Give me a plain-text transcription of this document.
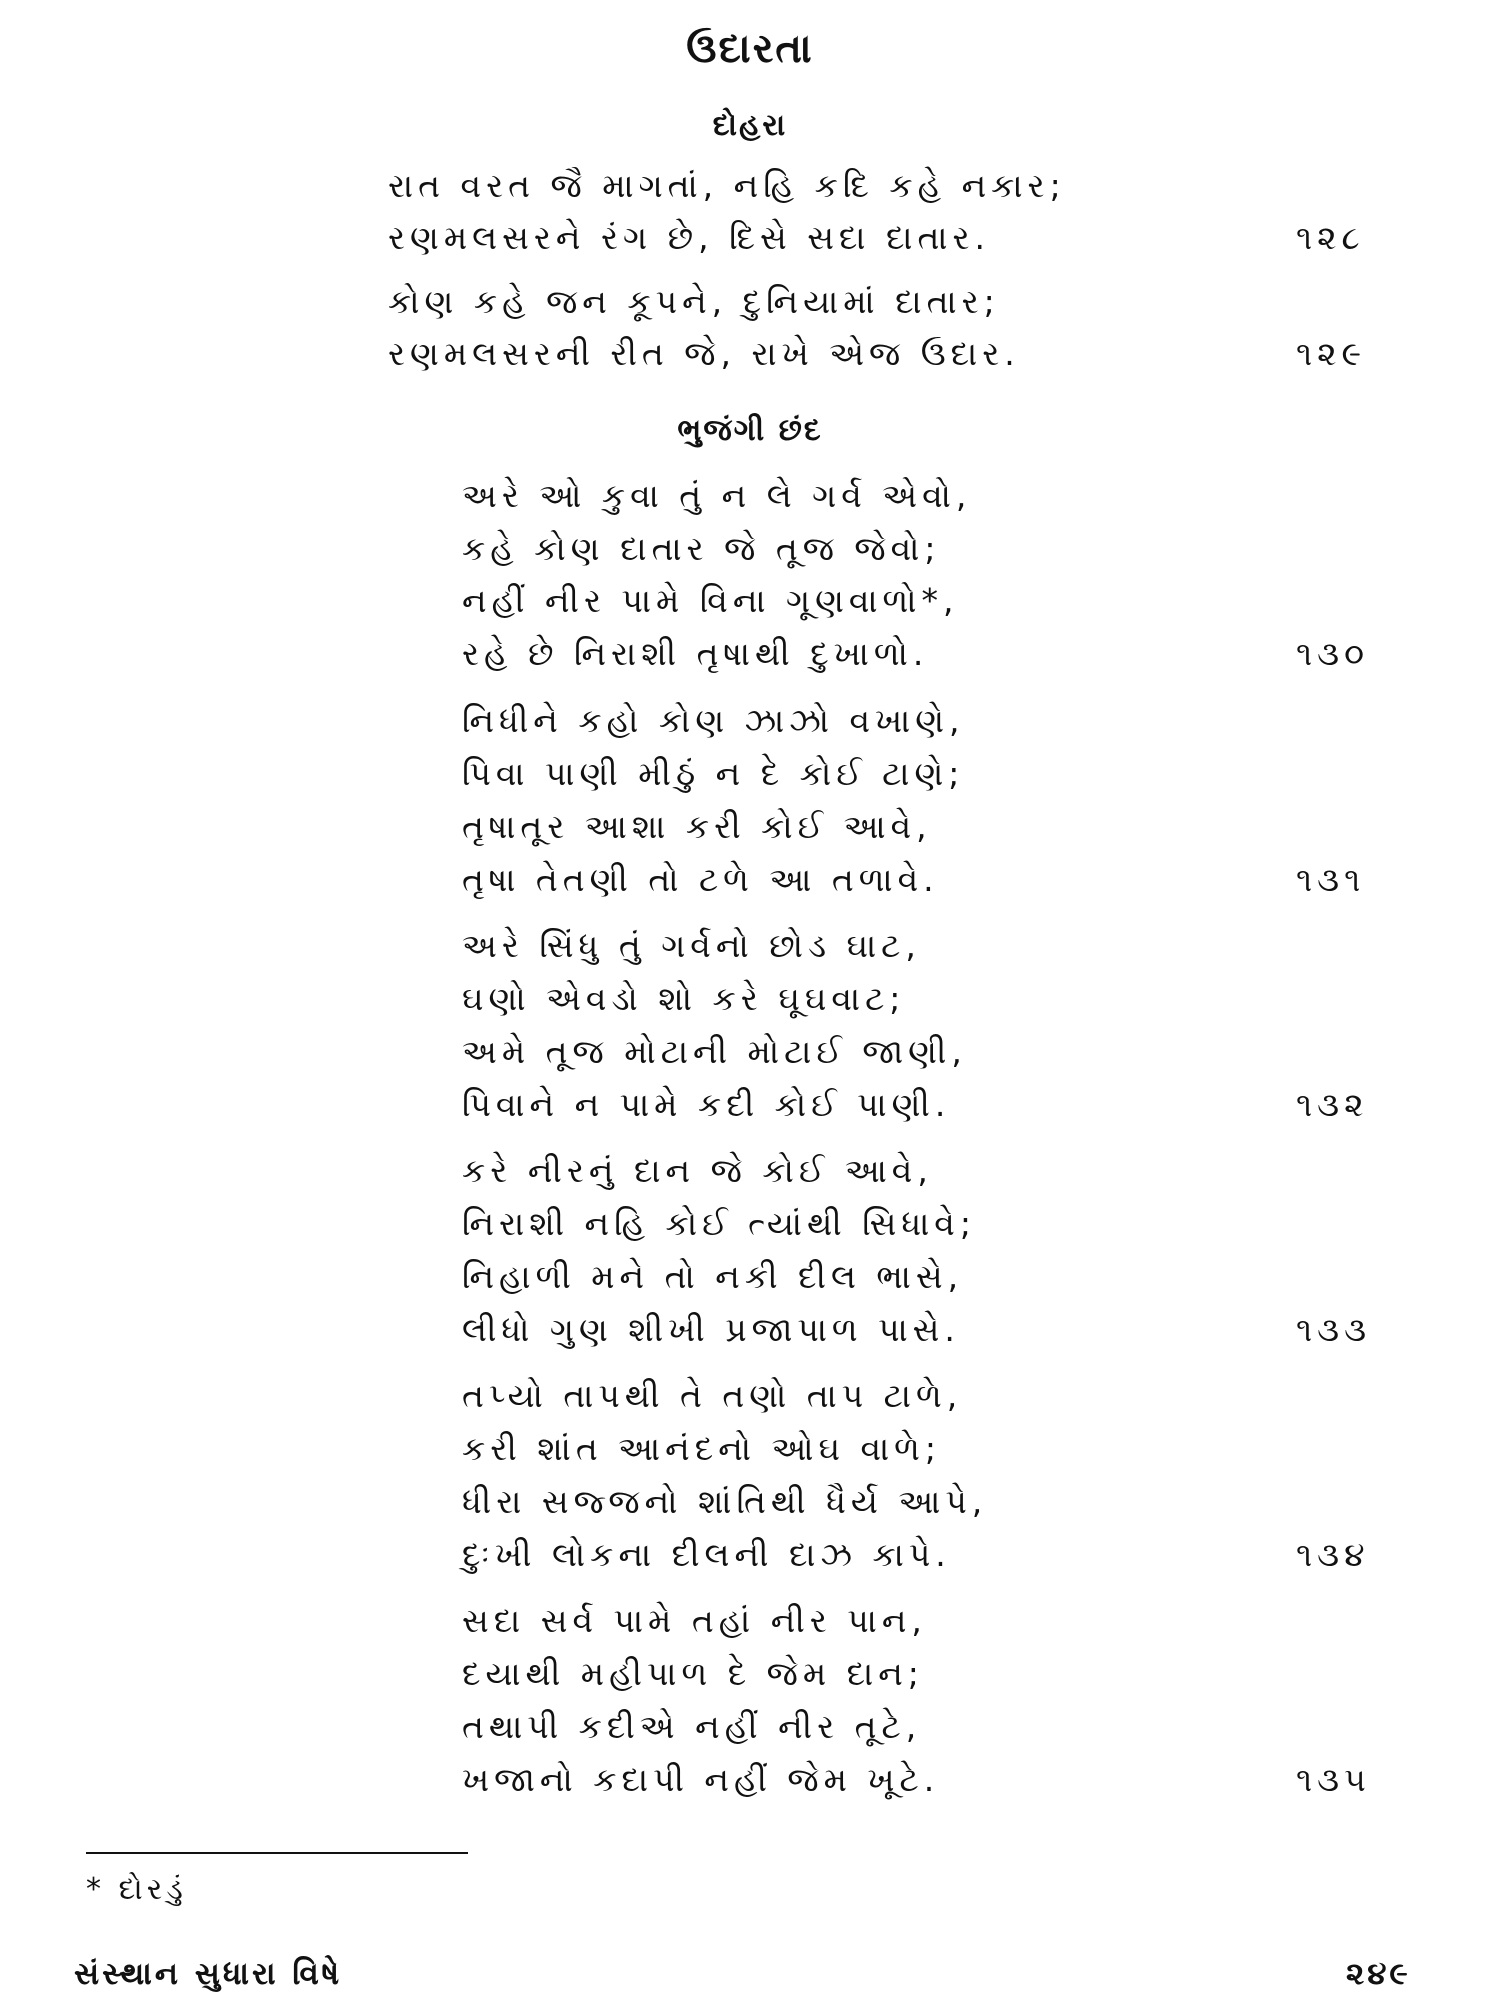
ઉદારતા
દોહરા
રાત વરત જૈ માગતાં, નહિ કદિ કહે નકાર;
રણમલસરને રંગ છે, દિસે સદા દાતાર.	૧૨૮
કોણ કહે જન કૂપને, દુનિયામાં દાતાર;
રણમલસરની રીત જે, રાખે એજ ઉદાર.	૧૨૯
ભુજંગી છંદ
અરે ઓ કુવા તું ન લે ગર્વ એવો,
કહે કોણ દાતાર જે તૂજ જેવો;
નહીં નીર પામે વિના ગૂણવાળો*,
રહે છે નિરાશી તૃષાથી દુખાળો.	૧૩૦
નિધીને કહો કોણ ઝાઝો વખાણે,
પિવા પાણી મીઠું ન દે કોઈ ટાણે;
તૃષાતૂર આશા કરી કોઈ આવે,
તૃષા તેતણી તો ટળે આ તળાવે.	૧૩૧
અરે સિંધુ તું ગર્વનો છોડ ઘાટ,
ઘણો એવડો શો કરે ઘૂઘવાટ;
અમે તૂજ મોટાની મોટાઈ જાણી,
પિવાને ન પામે કદી કોઈ પાણી.	૧૩૨
કરે નીરનું દાન જે કોઈ આવે,
નિરાશી નહિ કોઈ ત્યાંથી સિધાવે;
નિહાળી મને તો નકી દીલ ભાસે,
લીધો ગુણ શીખી પ્રજાપાળ પાસે.	૧૩૩
તપ્યો તાપથી તે તણો તાપ ટાળે,
કરી શાંત આનંદનો ઓઘ વાળે;
ધીરા સજ્જનો શાંતિથી ધૈર્ય આપે,
દુઃખી લોકના દીલની દાઝ કાપે.	૧૩૪
સદા સર્વ પામે તહાં નીર પાન,
દયાથી મહીપાળ દે જેમ દાન;
તથાપી કદીએ નહીં નીર તૂટે,
ખજાનો કદાપી નહીં જેમ ખૂટે.	૧૩૫
* દોરડું
સંસ્થાન સુધારા વિષે	૨૪૯
